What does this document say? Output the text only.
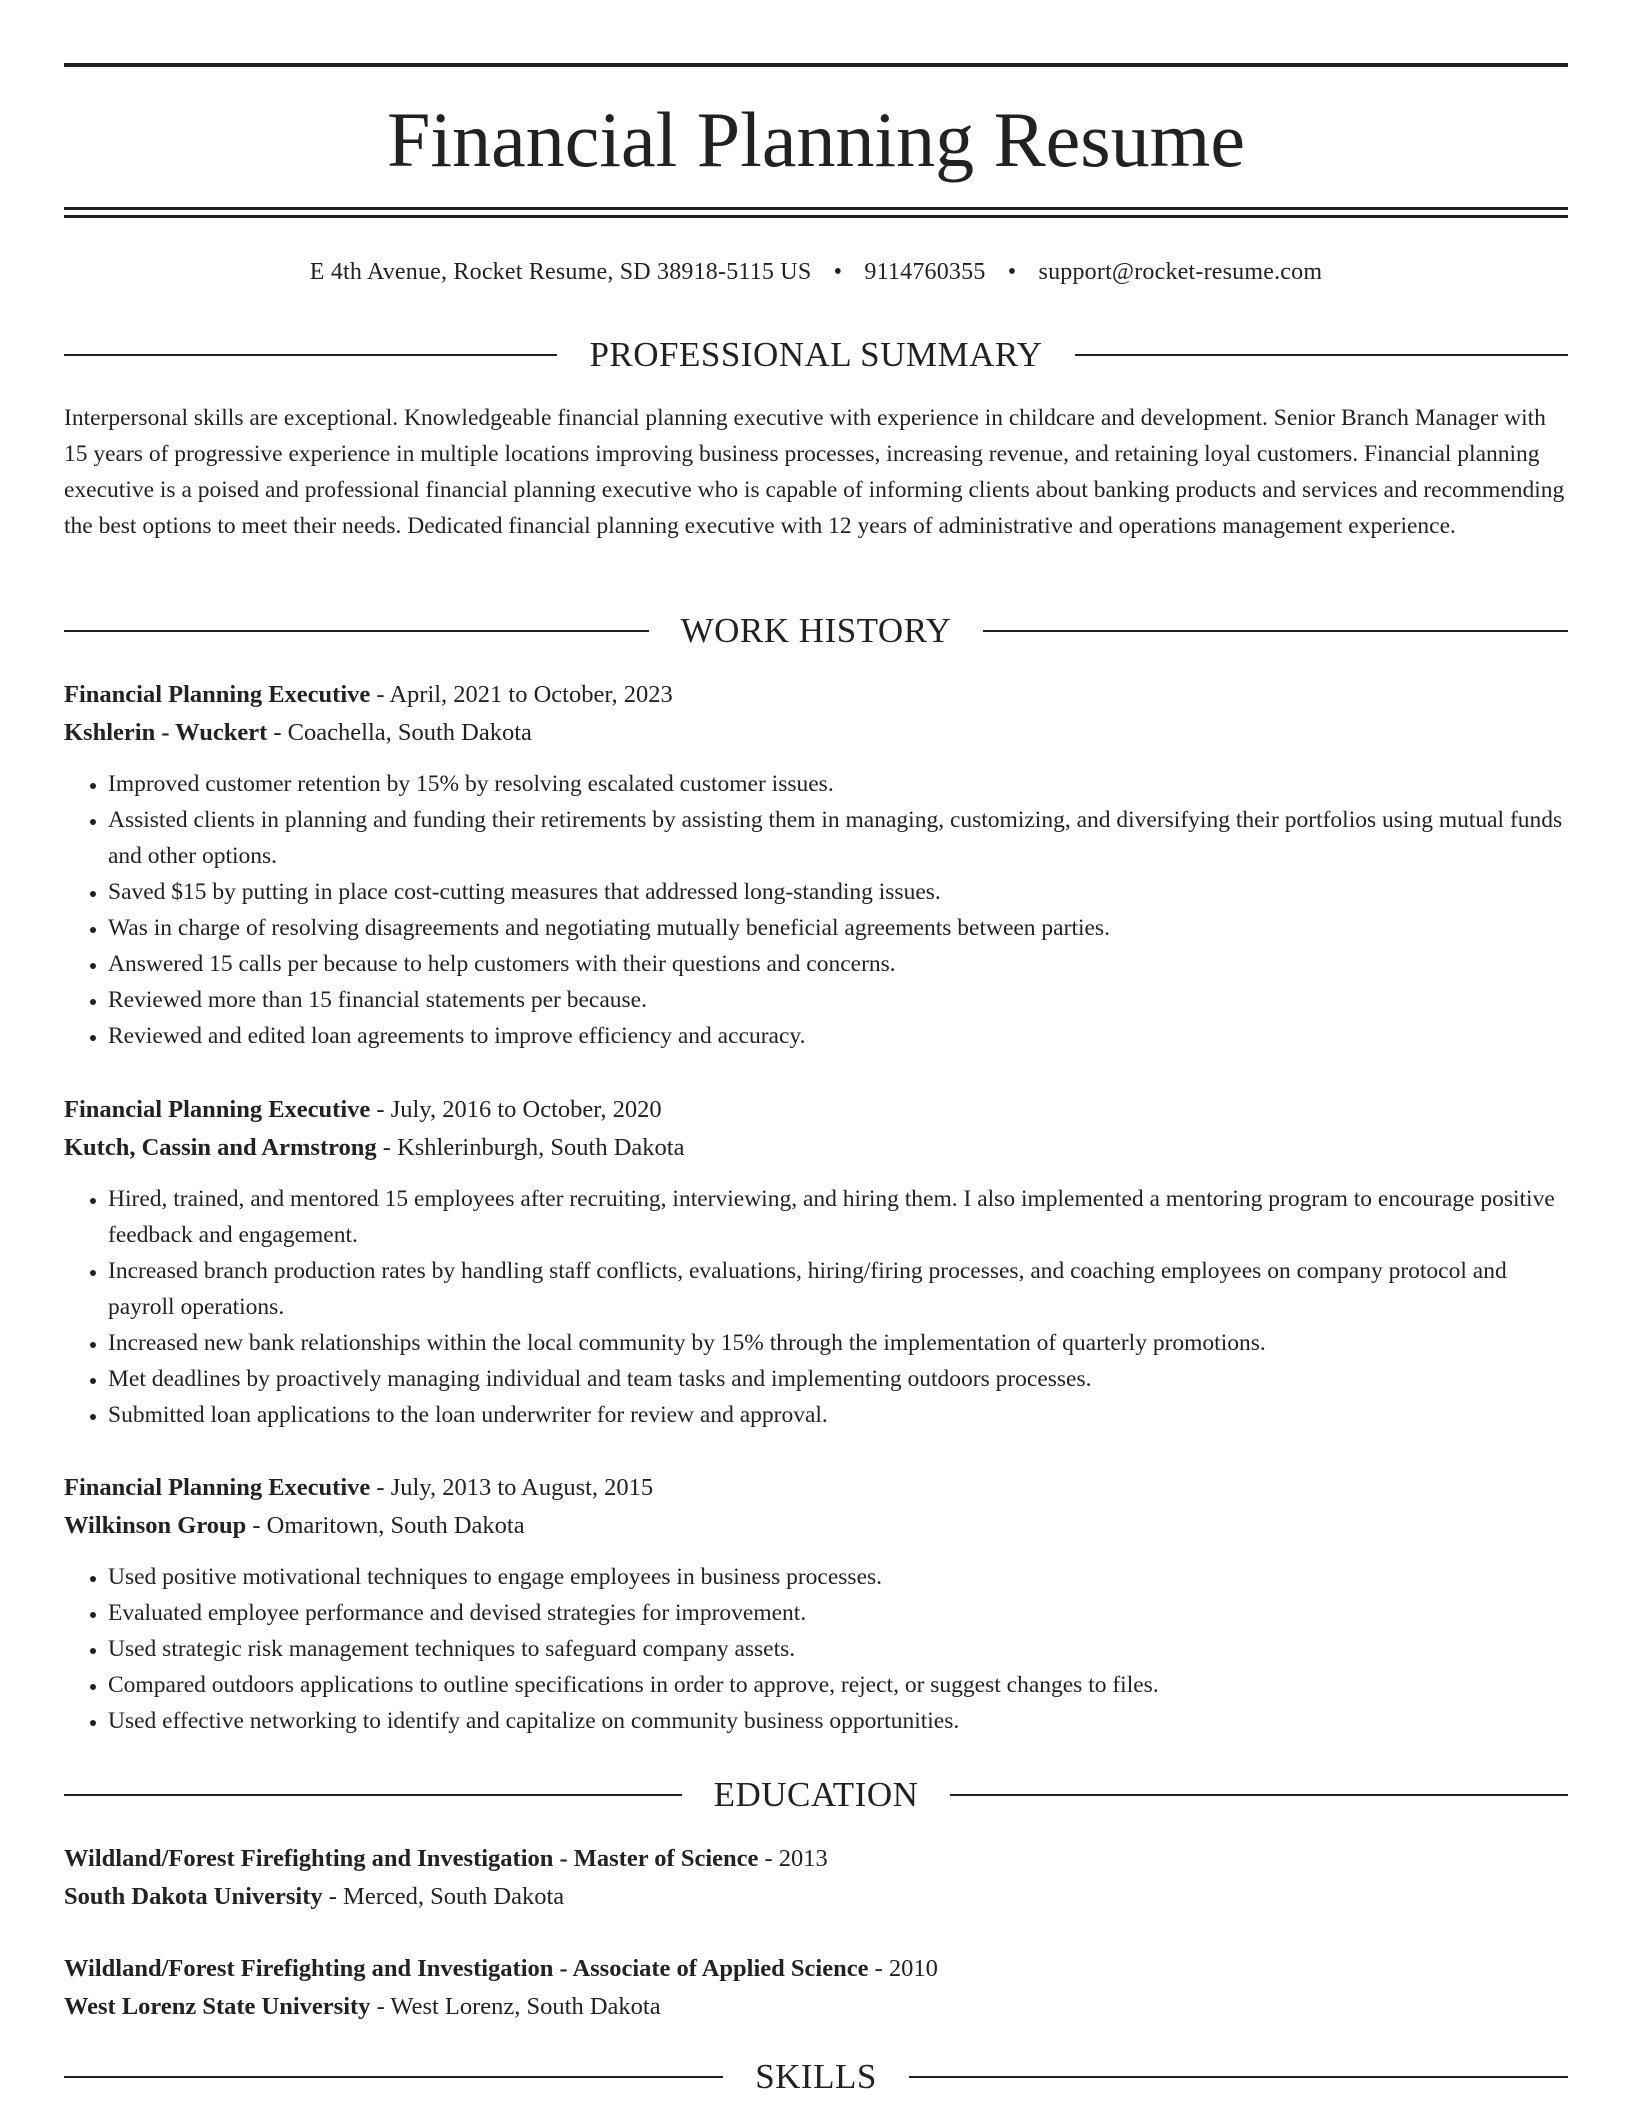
Financial Planning Resume
E 4th Avenue, Rocket Resume, SD 38918-5115 US • 9114760355 • support@rocket-resume.com
PROFESSIONAL SUMMARY

Interpersonal skills are exceptional. Knowledgeable financial planning executive with experience in childcare and development. Senior Branch Manager with 15 years of progressive experience in multiple locations improving business processes, increasing revenue, and retaining loyal customers. Financial planning executive is a poised and professional financial planning executive who is capable of informing clients about banking products and services and recommending the best options to meet their needs. Dedicated financial planning executive with 12 years of administrative and operations management experience.

WORK HISTORY
Financial Planning Executive - April, 2021 to October, 2023
Kshlerin - Wuckert - Coachella, South Dakota
• Improved customer retention by 15% by resolving escalated customer issues.
• Assisted clients in planning and funding their retirements by assisting them in managing, customizing, and diversifying their portfolios using mutual funds and other options.
• Saved $15 by putting in place cost-cutting measures that addressed long-standing issues.
• Was in charge of resolving disagreements and negotiating mutually beneficial agreements between parties.
• Answered 15 calls per because to help customers with their questions and concerns.
• Reviewed more than 15 financial statements per because.
• Reviewed and edited loan agreements to improve efficiency and accuracy.
Financial Planning Executive - July, 2016 to October, 2020
Kutch, Cassin and Armstrong - Kshlerinburgh, South Dakota
• Hired, trained, and mentored 15 employees after recruiting, interviewing, and hiring them. I also implemented a mentoring program to encourage positive feedback and engagement.
• Increased branch production rates by handling staff conflicts, evaluations, hiring/firing processes, and coaching employees on company protocol and payroll operations.
• Increased new bank relationships within the local community by 15% through the implementation of quarterly promotions.
• Met deadlines by proactively managing individual and team tasks and implementing outdoors processes.
• Submitted loan applications to the loan underwriter for review and approval.
Financial Planning Executive - July, 2013 to August, 2015
Wilkinson Group - Omaritown, South Dakota
• Used positive motivational techniques to engage employees in business processes.
• Evaluated employee performance and devised strategies for improvement.
• Used strategic risk management techniques to safeguard company assets.
• Compared outdoors applications to outline specifications in order to approve, reject, or suggest changes to files.
• Used effective networking to identify and capitalize on community business opportunities.
EDUCATION
Wildland/Forest Firefighting and Investigation - Master of Science - 2013
South Dakota University - Merced, South Dakota
Wildland/Forest Firefighting and Investigation - Associate of Applied Science - 2010
West Lorenz State University - West Lorenz, South Dakota
SKILLS
